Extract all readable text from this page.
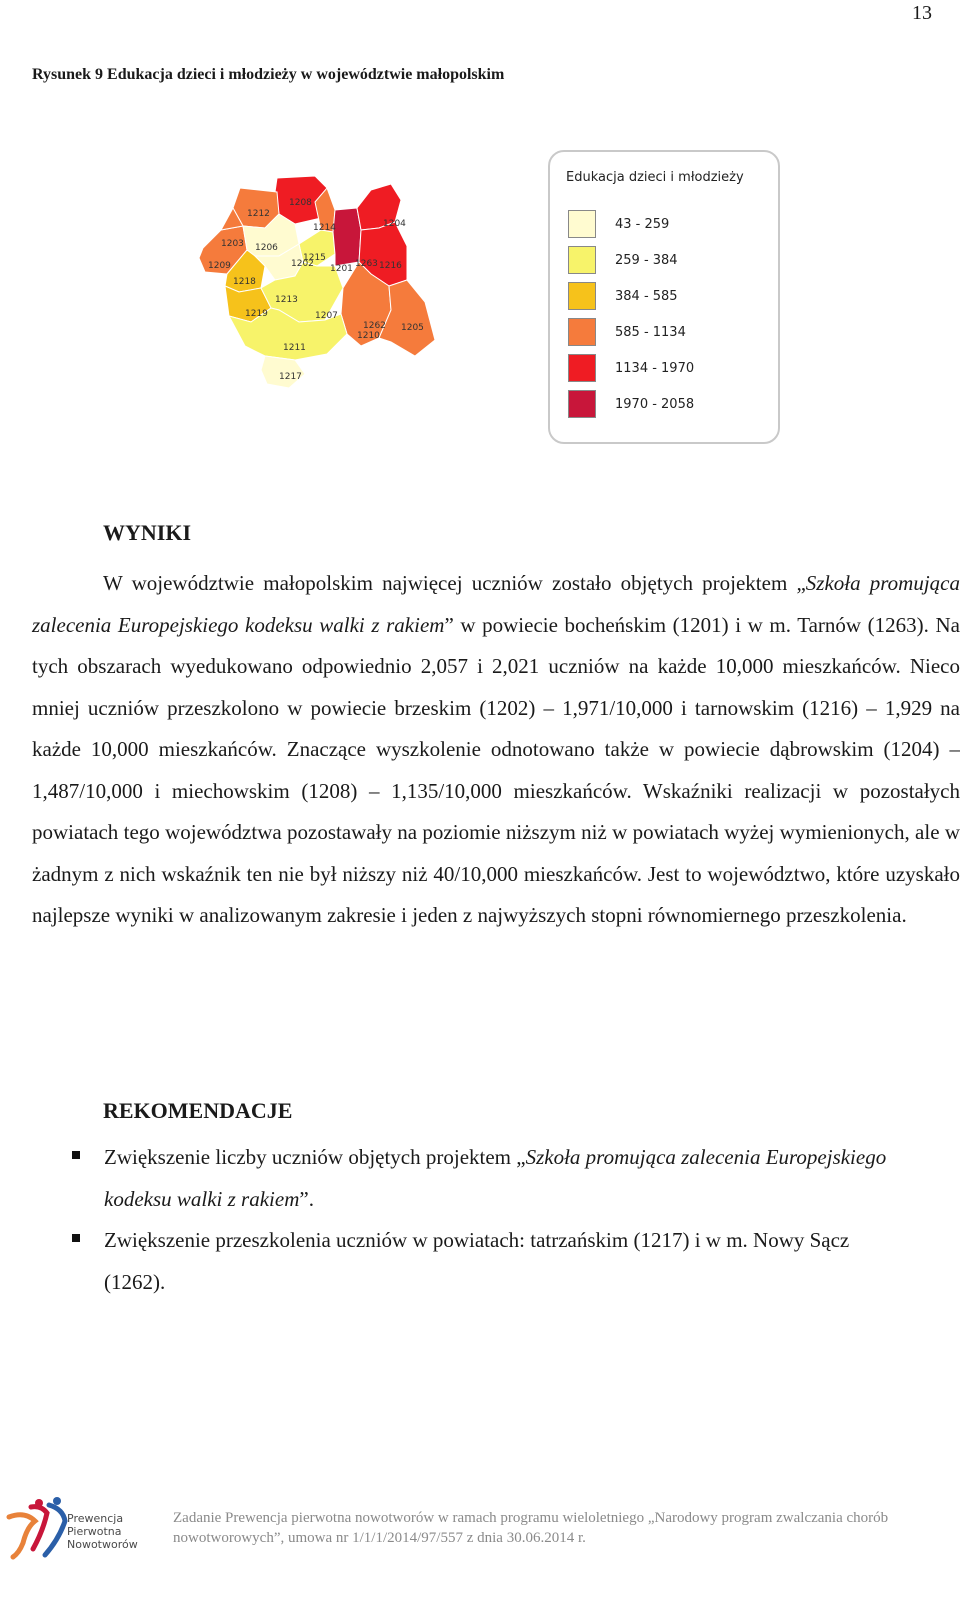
13
Rysunek 9 Edukacja dzieci i młodzieży w województwie małopolskim
1208
1212
1214
1203
1209
1206
1215
1201 1263
1204
1216
1218
1202
1213
1219
1262
1210
1205
1207
1211
1217
Edukacja dzieci i młodzieży
43 - 259
259 - 384
384 - 585
585 - 1134
1134 - 1970
1970 - 2058
WYNIKI

W województwie małopolskim najwięcej uczniów zostało objętych projektem „Szkoła promująca zalecenia Europejskiego kodeksu walki z rakiem” w powiecie bocheńskim (1201) i w m. Tarnów (1263). Na tych obszarach wyedukowano odpowiednio 2,057 i 2,021 uczniów na każde 10,000 mieszkańców. Nieco mniej uczniów przeszkolono w powiecie brzeskim (1202) – 1,971/10,000 i tarnowskim (1216) – 1,929 na każde 10,000 mieszkańców. Znaczące wyszkolenie odnotowano także w powiecie dąbrowskim (1204) – 1,487/10,000 i miechowskim (1208) – 1,135/10,000 mieszkańców. Wskaźniki realizacji w pozostałych powiatach tego województwa pozostawały na poziomie niższym niż w powiatach wyżej wymienionych, ale w żadnym z nich wskaźnik ten nie był niższy niż 40/10,000 mieszkańców. Jest to województwo, które uzyskało najlepsze wyniki w analizowanym zakresie i jeden z najwyższych stopni równomiernego przeszkolenia.

REKOMENDACJE
Zwiększenie liczby uczniów objętych projektem „Szkoła promująca zalecenia Europejskiego kodeksu walki z rakiem”.
Zwiększenie przeszkolenia uczniów w powiatach: tatrzańskim (1217) i w m. Nowy Sącz (1262).
Prewencja
Pierwotna
Nowotworów
Zadanie Prewencja pierwotna nowotworów w ramach programu wieloletniego „Narodowy program zwalczania chorób nowotworowych”, umowa nr 1/1/1/2014/97/557 z dnia 30.06.2014 r.
